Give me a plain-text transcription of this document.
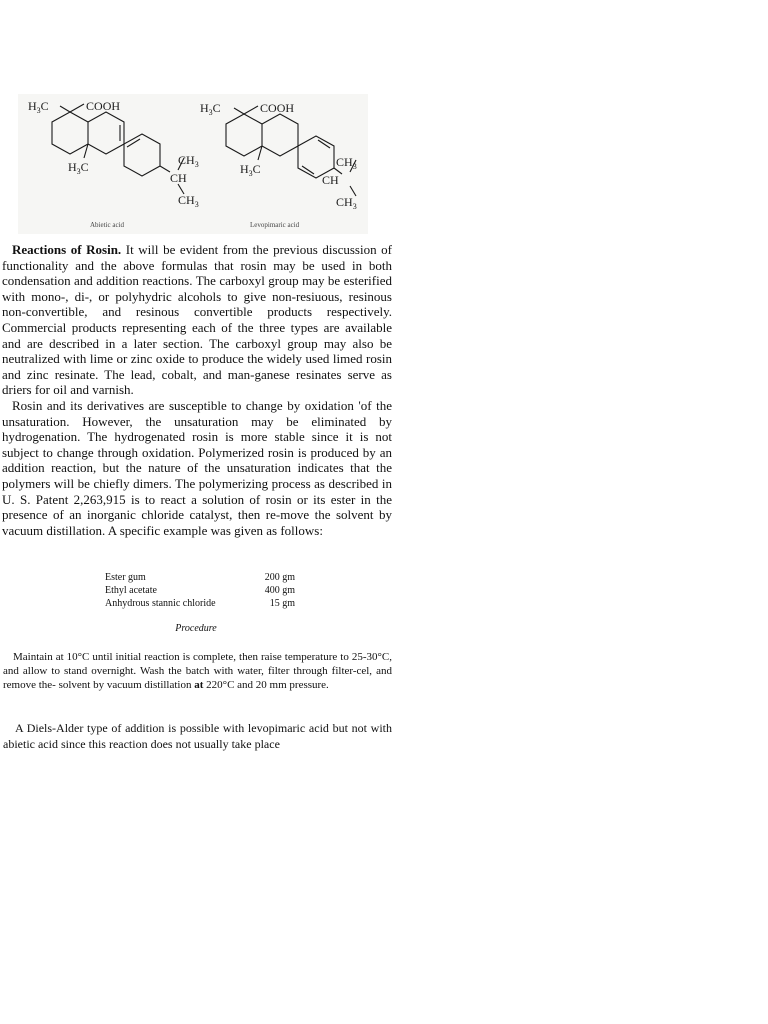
$H_3C$	COOH
$H_3C$	$CH_3$
CH
$CH_3$
Abietic acid
$H_3C$	COOH
$H_3C$	$CH_3$
CH
$CH_3$
Levopimaric acid

Reactions of Rosin. It will be evident from the previous discussion of functionality and the above formulas that rosin may be used in both condensation and addition reactions. The carboxyl group may be esterified with mono-, di-, or polyhydric alcohols to give non-resiuous, resinous non-convertible, and resinous convertible products respectively. Commercial products representing each of the three types are available and are described in a later section. The carboxyl group may also be neutralized with lime or zinc oxide to produce the widely used limed rosin and zinc resinate. The lead, cobalt, and man-ganese resinates serve as driers for oil and varnish.

Rosin and its derivatives are susceptible to change by oxidation 'of the unsaturation. However, the unsaturation may be eliminated by hydrogenation. The hydrogenated rosin is more stable since it is not subject to change through oxidation. Polymerized rosin is produced by an addition reaction, but the nature of the unsaturation indicates that the polymers will be chiefly dimers. The polymerizing process as described in U. S. Patent 2,263,915 is to react a solution of rosin or its ester in the presence of an inorganic chloride catalyst, then re-move the solvent by vacuum distillation. A specific example was given as follows:

Ester gum	200 gm
Ethyl acetate	400 gm
Anhydrous stannic chloride	15 gm
Procedure

Maintain at 10°C until initial reaction is complete, then raise temperature to 25-30°C, and allow to stand overnight. Wash the batch with water, filter through filter-cel, and remove the- solvent by vacuum distillation at 220°C and 20 mm pressure.

A Diels-Alder type of addition is possible with levopimaric acid but not with abietic acid since this reaction does not usually take place
